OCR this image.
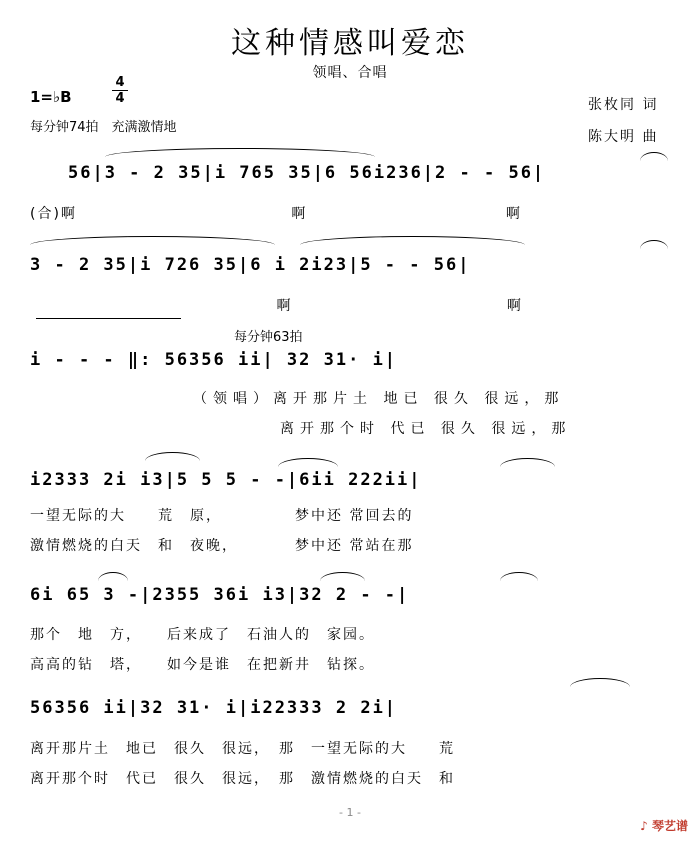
这种情感叫爱恋
领唱、合唱
1=♭B
4
4
每分钟74拍　充满激情地
张枚同 词
陈大明 曲
56|3 - 2 35|i 765 35|6 56i236|2 - - 56|
(合)啊　　　　　　　　　　　　　 啊　　　　　　　　　　　　 啊
3 - 2 35|i 726 35|6 i 2i23|5 - - 56|
　　　　　　　　　　　　　　　 啊　　　　　　　　　　　　　 啊
每分钟63拍
i - - - ‖: 56356 ii| 32 31· i|
　　　（领唱）离开那片土 地已 很久 很远，那
　　　　　　　离开那个时 代已 很久 很远，那
i2333 2i i3|5 5 5 - -|6ii 222ii|
一望无际的大　　荒　原，　　　　　梦中还 常回去的
激情燃烧的白天　和　夜晚，　　　　梦中还 常站在那
6i 65 3 -|2355 36i i3|32 2 - -|
那个　地　方，　　后来成了　石油人的　家园。
高高的钻　塔，　　如今是谁　在把新井　钻探。
56356 ii|32 31· i|i22333 2 2i|
离开那片土　地已　很久　很远，　那　一望无际的大　　荒
离开那个时　代已　很久　很远，　那　激情燃烧的白天　和
- 1 -
♪ 琴艺谱
